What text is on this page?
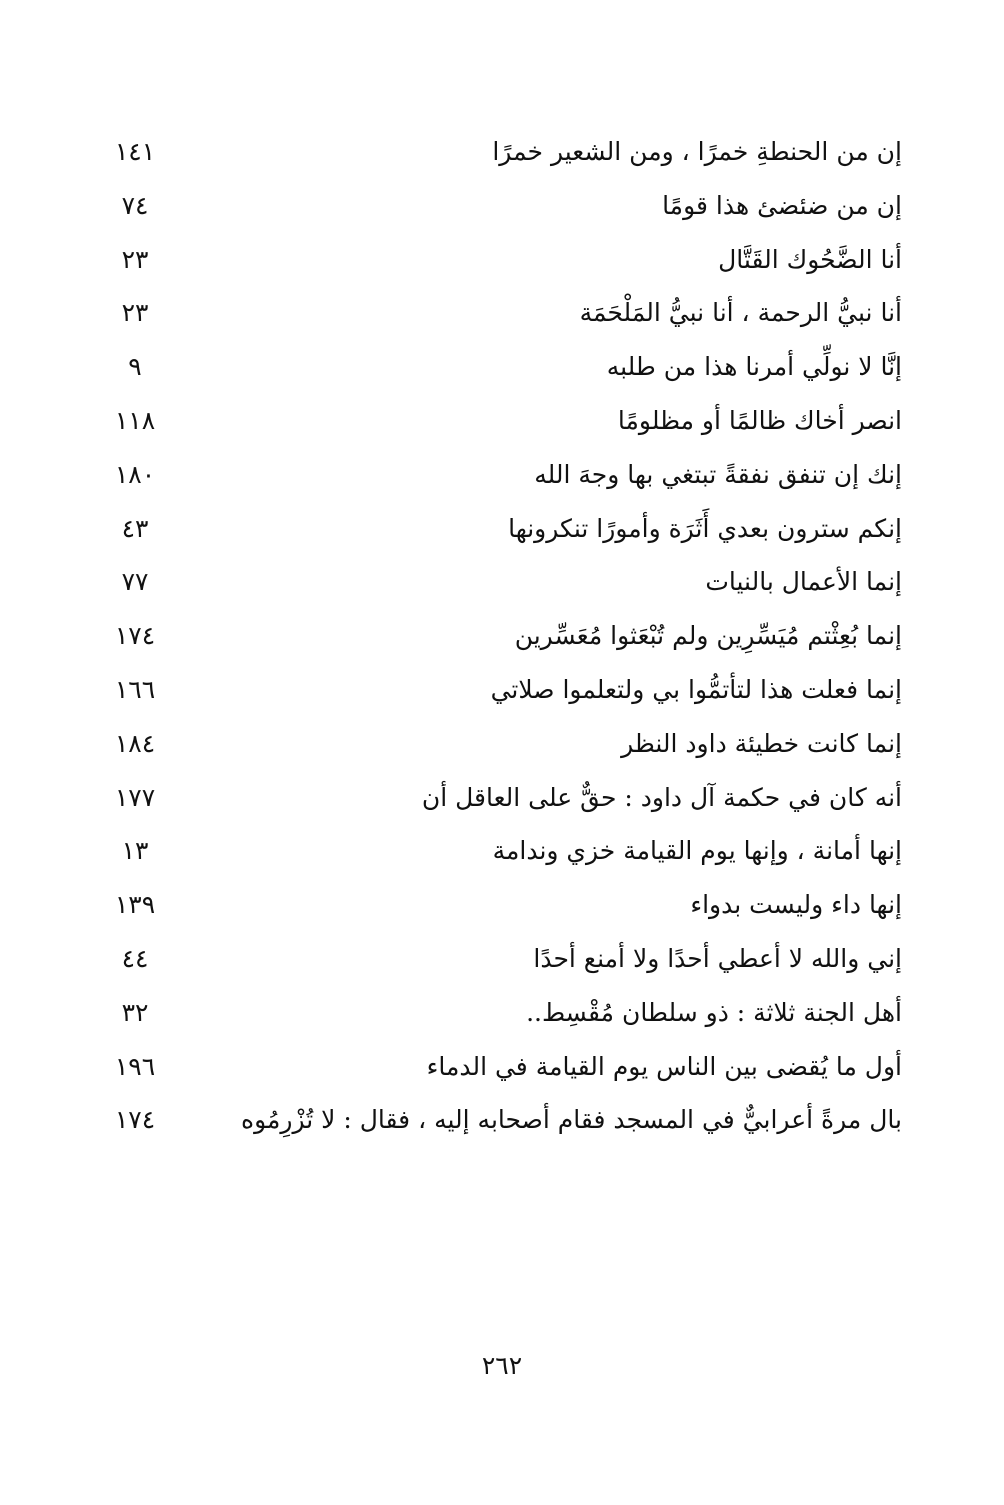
إن من الحنطةِ خمرًا ، ومن الشعير خمرًا
١٤١
إن من ضئضئ هذا قومًا
٧٤
أنا الضَّحُوك القَتَّال
٢٣
أنا نبيُّ الرحمة ، أنا نبيُّ المَلْحَمَة
٢٣
إنَّا لا نولِّي أمرنا هذا من طلبه
٩
انصر أخاك ظالمًا أو مظلومًا
١١٨
إنك إن تنفق نفقةً تبتغي بها وجهَ الله
١٨٠
إنكم سترون بعدي أَثَرَة وأمورًا تنكرونها
٤٣
إنما الأعمال بالنيات
٧٧
إنما بُعِثْتم مُيَسِّرِين ولم تُبْعَثوا مُعَسِّرين
١٧٤
إنما فعلت هذا لتأتمُّوا بي ولتعلموا صلاتي
١٦٦
إنما كانت خطيئة داود النظر
١٨٤
أنه كان في حكمة آل داود : حقٌّ على العاقل أن
١٧٧
إنها أمانة ، وإنها يوم القيامة خزي وندامة
١٣
إنها داء وليست بدواء
١٣٩
إني والله لا أعطي أحدًا ولا أمنع أحدًا
٤٤
أهل الجنة ثلاثة : ذو سلطان مُقْسِط..
٣٢
أول ما يُقضى بين الناس يوم القيامة في الدماء
١٩٦
بال مرةً أعرابيٌّ في المسجد فقام أصحابه إليه ، فقال : لا تُزْرِمُوه
١٧٤
٢٦٢
